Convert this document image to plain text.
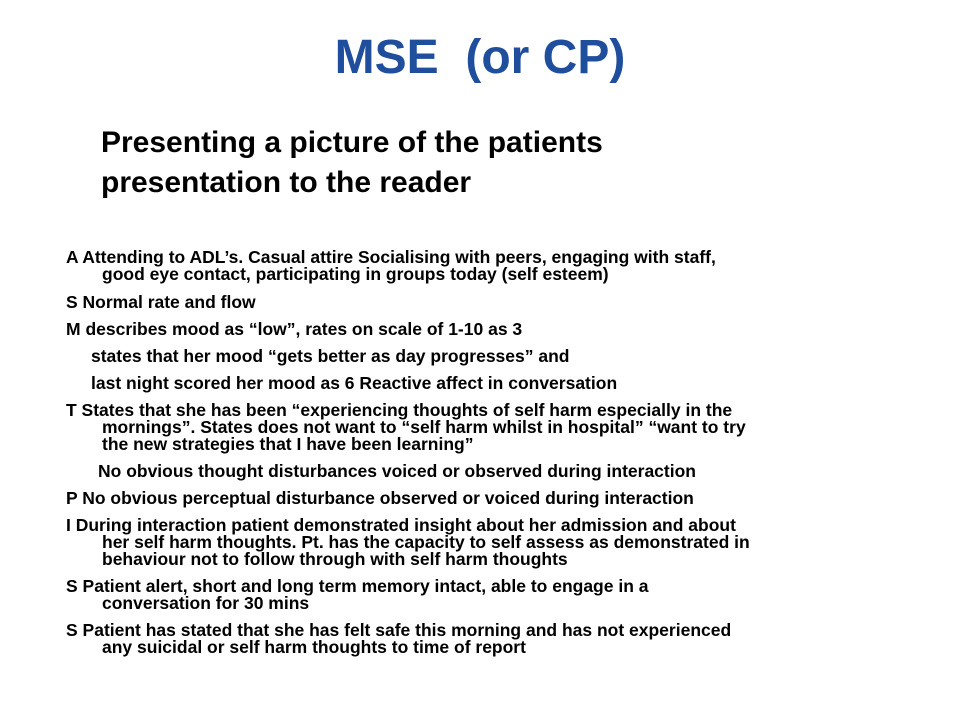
MSE  (or CP)
Presenting a picture of the patients
presentation to the reader
A Attending to ADL’s. Casual attire Socialising with peers, engaging with staff,
good eye contact, participating in groups today (self esteem)
S Normal rate and flow
M describes mood as “low”, rates on scale of 1-10 as 3
states that her mood “gets better as day progresses” and
last night scored her mood as 6 Reactive affect in conversation
T States that she has been “experiencing thoughts of self harm especially in the
mornings”. States does not want to “self harm whilst in hospital” “want to try
the new strategies that I have been learning”
No obvious thought disturbances voiced or observed during interaction
P No obvious perceptual disturbance observed or voiced during interaction
I During interaction patient demonstrated insight about her admission and about
her self harm thoughts. Pt. has the capacity to self assess as demonstrated in
behaviour not to follow through with self harm thoughts
S Patient alert, short and long term memory intact, able to engage in a
conversation for 30 mins
S Patient has stated that she has felt safe this morning and has not experienced
any suicidal or self harm thoughts to time of report
